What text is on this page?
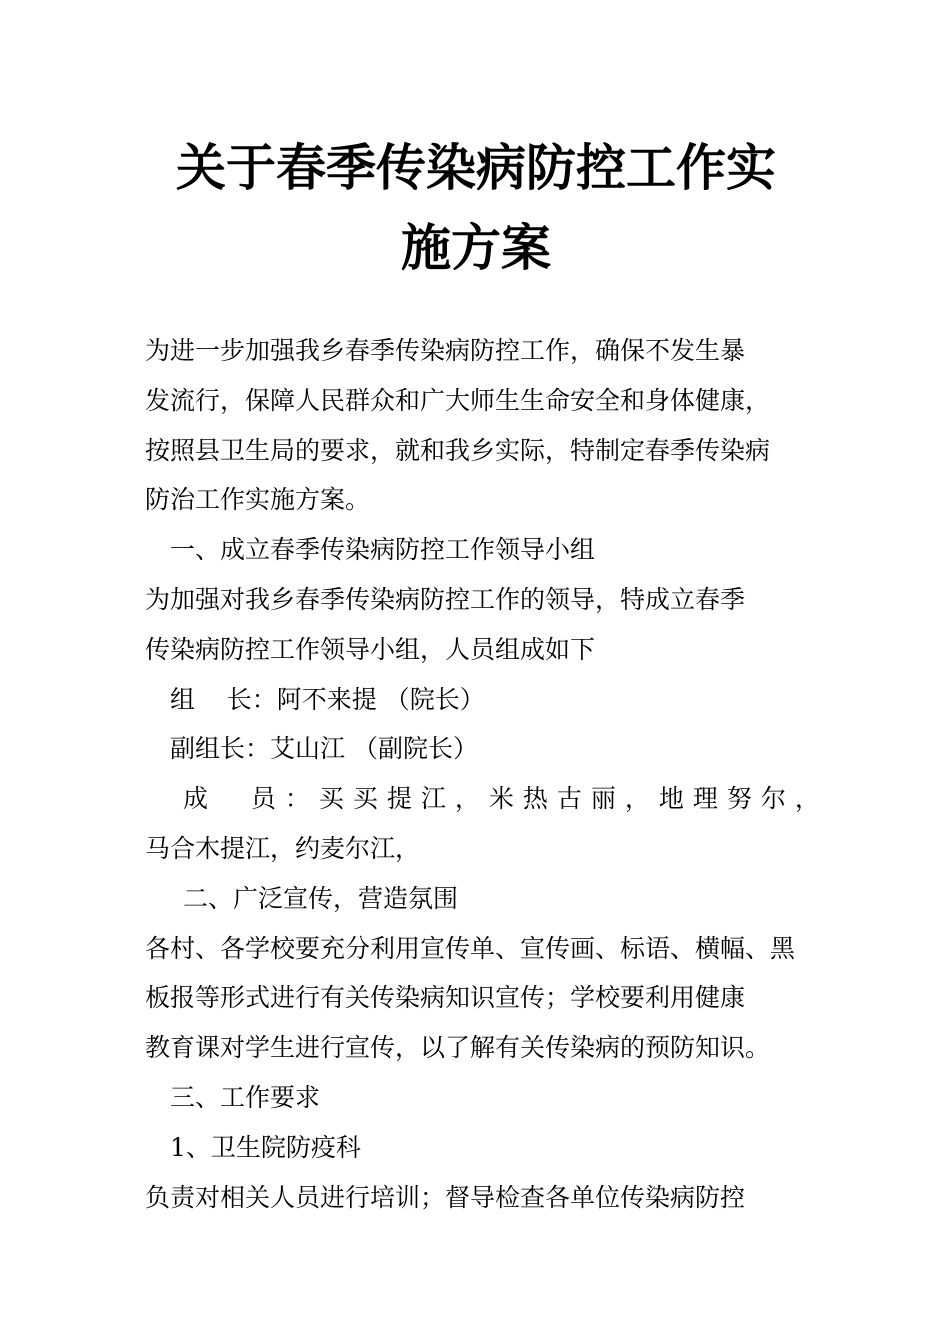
关于春季传染病防控工作实
施方案
为进一步加强我乡春季传染病防控工作，确保不发生暴
发流行，保障人民群众和广大师生生命安全和身体健康，
按照县卫生局的要求，就和我乡实际，特制定春季传染病
防治工作实施方案。
一、成立春季传染病防控工作领导小组
为加强对我乡春季传染病防控工作的领导，特成立春季
传染病防控工作领导小组，人员组成如下
组    长：阿不来提 （院长）
副组长：艾山江 （副院长）
成  员：买买提江，米热古丽，地理努尔，
马合木提江，约麦尔江，
二、广泛宣传，营造氛围
各村、各学校要充分利用宣传单、宣传画、标语、横幅、黑
板报等形式进行有关传染病知识宣传；学校要利用健康
教育课对学生进行宣传，以了解有关传染病的预防知识。
三、工作要求
1、卫生院防疫科
负责对相关人员进行培训；督导检查各单位传染病防控
